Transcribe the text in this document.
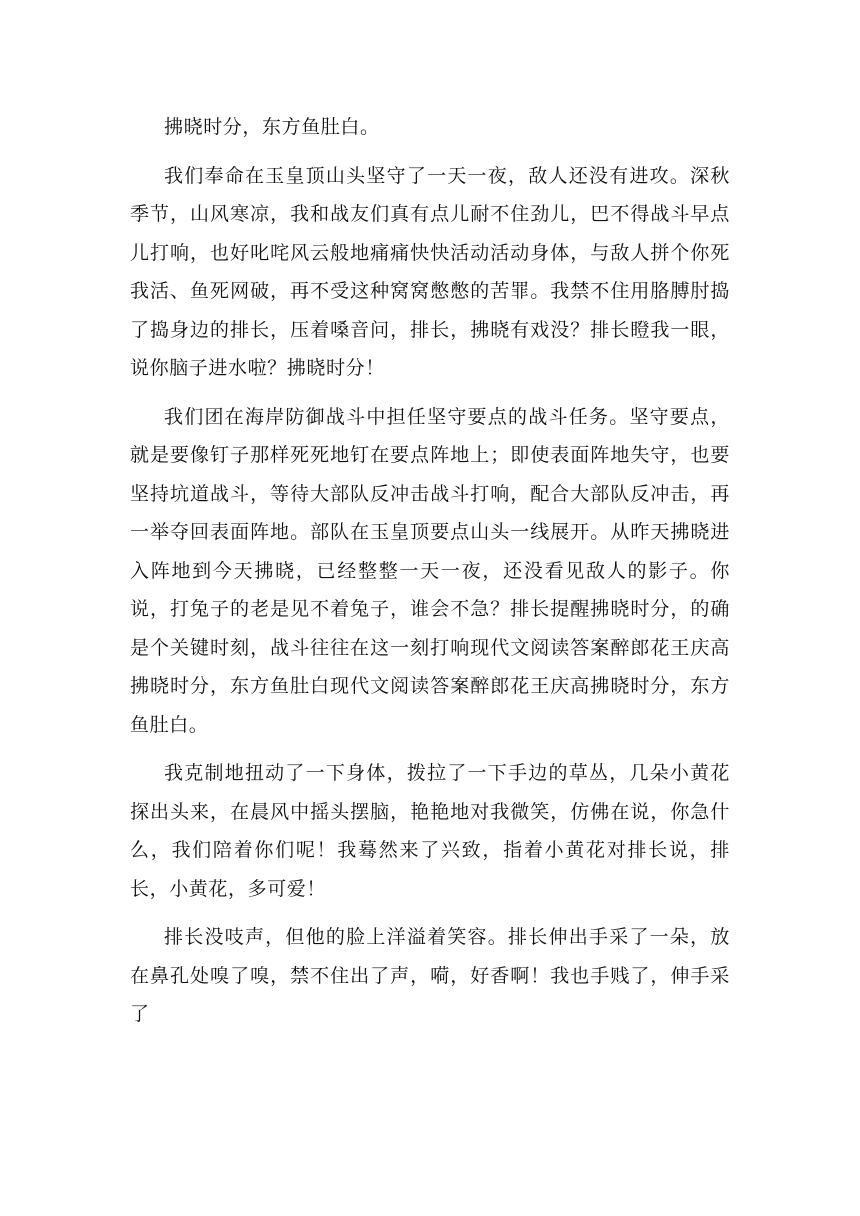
拂晓时分，东方鱼肚白。

我们奉命在玉皇顶山头坚守了一天一夜，敌人还没有进攻。深秋季节，山风寒凉，我和战友们真有点儿耐不住劲儿，巴不得战斗早点儿打响，也好叱咤风云般地痛痛快快活动活动身体，与敌人拼个你死我活、鱼死网破，再不受这种窝窝憋憋的苦罪。我禁不住用胳膊肘捣了捣身边的排长，压着嗓音问，排长，拂晓有戏没？排长瞪我一眼，说你脑子进水啦？拂晓时分！

我们团在海岸防御战斗中担任坚守要点的战斗任务。坚守要点，就是要像钉子那样死死地钉在要点阵地上；即使表面阵地失守，也要坚持坑道战斗，等待大部队反冲击战斗打响，配合大部队反冲击，再一举夺回表面阵地。部队在玉皇顶要点山头一线展开。从昨天拂晓进入阵地到今天拂晓，已经整整一天一夜，还没看见敌人的影子。你说，打兔子的老是见不着兔子，谁会不急？排长提醒拂晓时分，的确是个关键时刻，战斗往往在这一刻打响现代文阅读答案醉郎花王庆高拂晓时分，东方鱼肚白现代文阅读答案醉郎花王庆高拂晓时分，东方鱼肚白。

我克制地扭动了一下身体，拨拉了一下手边的草丛，几朵小黄花探出头来，在晨风中摇头摆脑，艳艳地对我微笑，仿佛在说，你急什么，我们陪着你们呢！我蓦然来了兴致，指着小黄花对排长说，排长，小黄花，多可爱！

排长没吱声，但他的脸上洋溢着笑容。排长伸出手采了一朵，放在鼻孔处嗅了嗅，禁不住出了声，嗬，好香啊！我也手贱了，伸手采了
